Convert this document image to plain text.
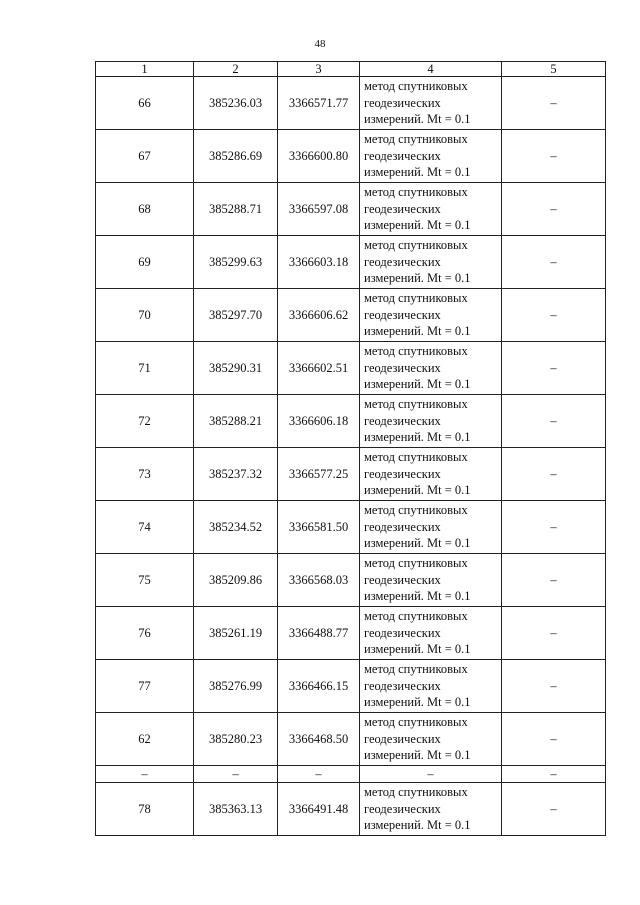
48
1	2	3	4	5
66	385236.03	3366571.77	метод спутниковых
геодезических
измерений. Mt = 0.1	–
67	385286.69	3366600.80	метод спутниковых
геодезических
измерений. Mt = 0.1	–
68	385288.71	3366597.08	метод спутниковых
геодезических
измерений. Mt = 0.1	–
69	385299.63	3366603.18	метод спутниковых
геодезических
измерений. Mt = 0.1	–
70	385297.70	3366606.62	метод спутниковых
геодезических
измерений. Mt = 0.1	–
71	385290.31	3366602.51	метод спутниковых
геодезических
измерений. Mt = 0.1	–
72	385288.21	3366606.18	метод спутниковых
геодезических
измерений. Mt = 0.1	–
73	385237.32	3366577.25	метод спутниковых
геодезических
измерений. Mt = 0.1	–
74	385234.52	3366581.50	метод спутниковых
геодезических
измерений. Mt = 0.1	–
75	385209.86	3366568.03	метод спутниковых
геодезических
измерений. Mt = 0.1	–
76	385261.19	3366488.77	метод спутниковых
геодезических
измерений. Mt = 0.1	–
77	385276.99	3366466.15	метод спутниковых
геодезических
измерений. Mt = 0.1	–
62	385280.23	3366468.50	метод спутниковых
геодезических
измерений. Mt = 0.1	–
–	–	–	–	–
78	385363.13	3366491.48	метод спутниковых
геодезических
измерений. Mt = 0.1	–
